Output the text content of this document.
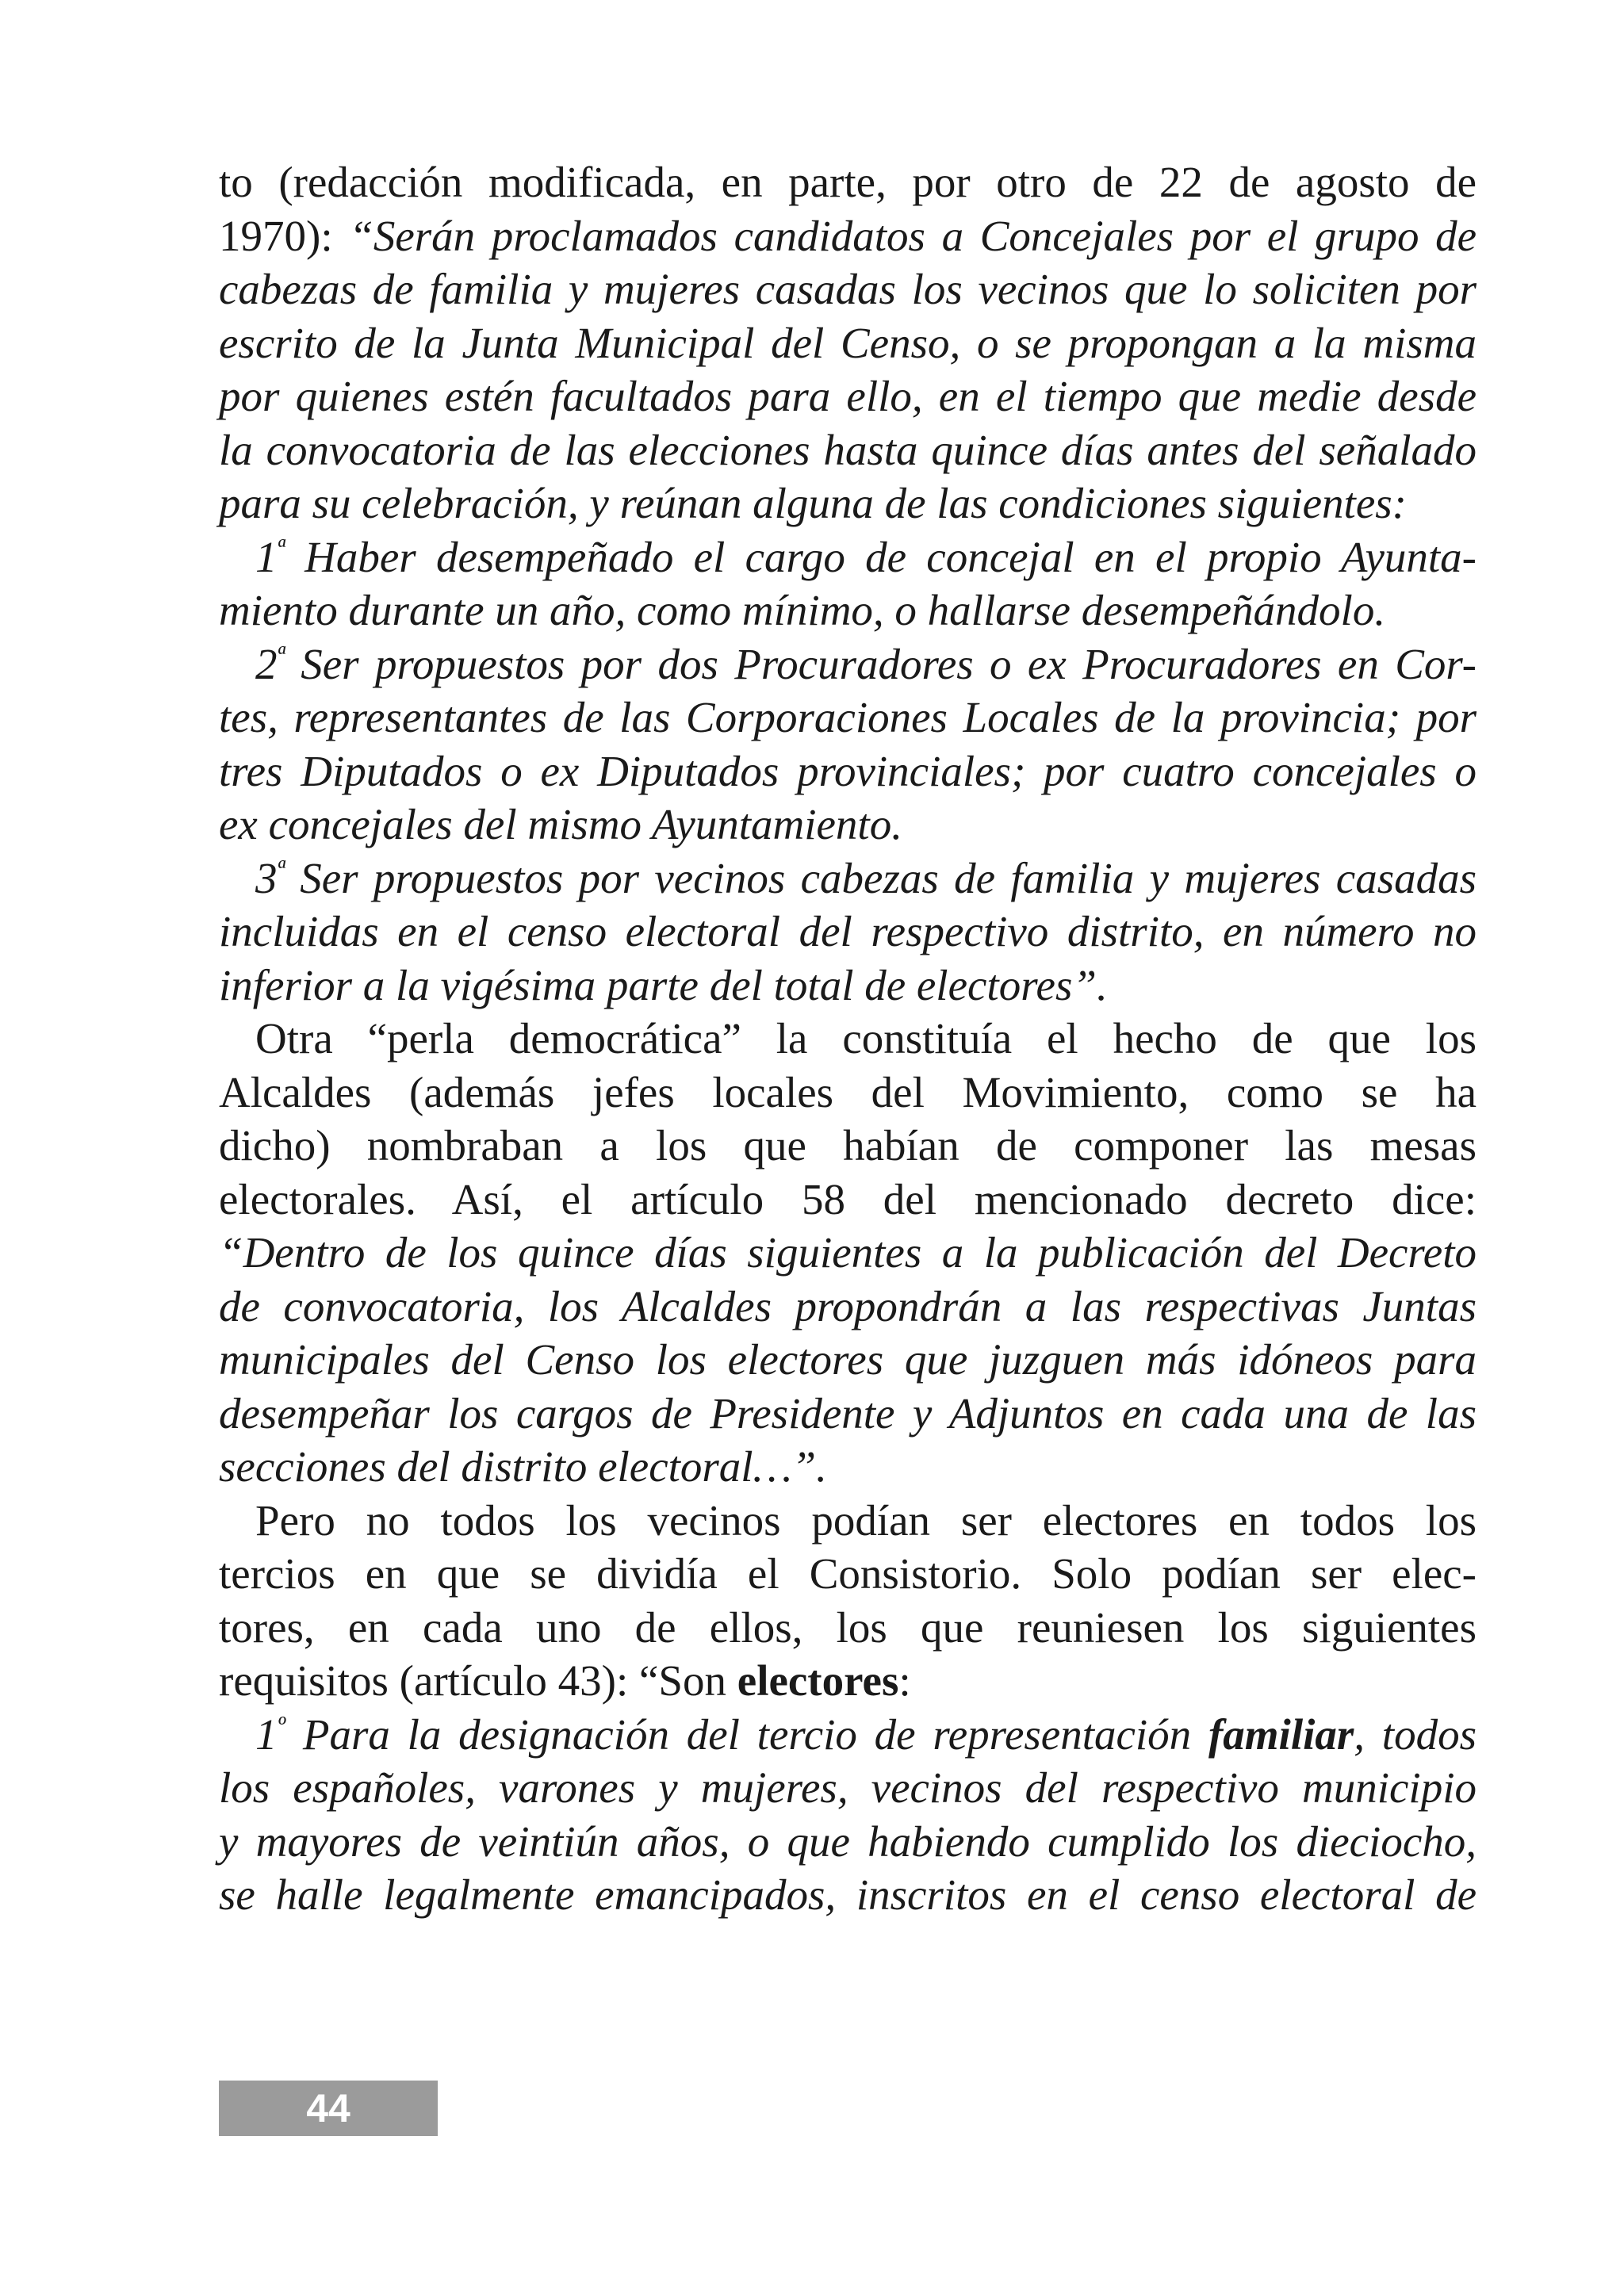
to (redacción modificada, en parte, por otro de 22 de agosto de
1970): “Serán proclamados candidatos a Concejales por el grupo de
cabezas de familia y mujeres casadas los vecinos que lo soliciten por
escrito de la Junta Municipal del Censo, o se propongan a la misma
por quienes estén facultados para ello, en el tiempo que medie desde
la convocatoria de las elecciones hasta quince días antes del señalado
para su celebración, y reúnan alguna de las condiciones siguientes:
$1^ª$ Haber desempeñado el cargo de concejal en el propio Ayunta-
miento durante un año, como mínimo, o hallarse desempeñándolo.
$2^ª$ Ser propuestos por dos Procuradores o ex Procuradores en Cor-
tes, representantes de las Corporaciones Locales de la provincia; por
tres Diputados o ex Diputados provinciales; por cuatro concejales o
ex concejales del mismo Ayuntamiento.
$3^ª$ Ser propuestos por vecinos cabezas de familia y mujeres casadas
incluidas en el censo electoral del respectivo distrito, en número no
inferior a la vigésima parte del total de electores”.
Otra “perla democrática” la constituía el hecho de que los
Alcaldes (además jefes locales del Movimiento, como se ha
dicho) nombraban a los que habían de componer las mesas
electorales. Así, el artículo 58 del mencionado decreto dice:
“Dentro de los quince días siguientes a la publicación del Decreto
de convocatoria, los Alcaldes propondrán a las respectivas Juntas
municipales del Censo los electores que juzguen más idóneos para
desempeñar los cargos de Presidente y Adjuntos en cada una de las
secciones del distrito electoral…”.
Pero no todos los vecinos podían ser electores en todos los
tercios en que se dividía el Consistorio. Solo podían ser elec-
tores, en cada uno de ellos, los que reuniesen los siguientes
requisitos (artículo 43): “Son electores:
$1^º$ Para la designación del tercio de representación familiar, todos
los españoles, varones y mujeres, vecinos del respectivo municipio
y mayores de veintiún años, o que habiendo cumplido los dieciocho,
se halle legalmente emancipados, inscritos en el censo electoral de
44
